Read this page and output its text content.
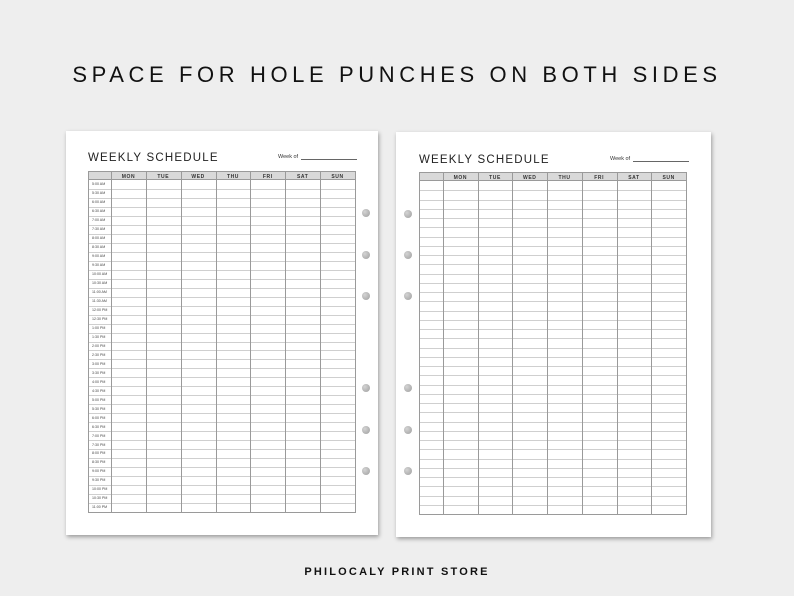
SPACE FOR HOLE PUNCHES ON BOTH SIDES
WEEKLY SCHEDULE	Week of
MON	TUE	WED	THU	FRI	SAT	SUN
5:00 AM
5:30 AM
6:00 AM
6:30 AM
7:00 AM
7:30 AM
8:00 AM
8:30 AM
9:00 AM
9:30 AM
10:00 AM
10:30 AM
11:00 AM
11:30 AM
12:00 PM
12:30 PM
1:00 PM
1:30 PM
2:00 PM
2:30 PM
3:00 PM
3:30 PM
4:00 PM
4:30 PM
5:00 PM
5:30 PM
6:00 PM
6:30 PM
7:00 PM
7:30 PM
8:00 PM
8:30 PM
9:00 PM
9:30 PM
10:00 PM
10:30 PM
11:00 PM
WEEKLY SCHEDULE	Week of
MON	TUE	WED	THU	FRI	SAT	SUN
PHILOCALY PRINT STORE
